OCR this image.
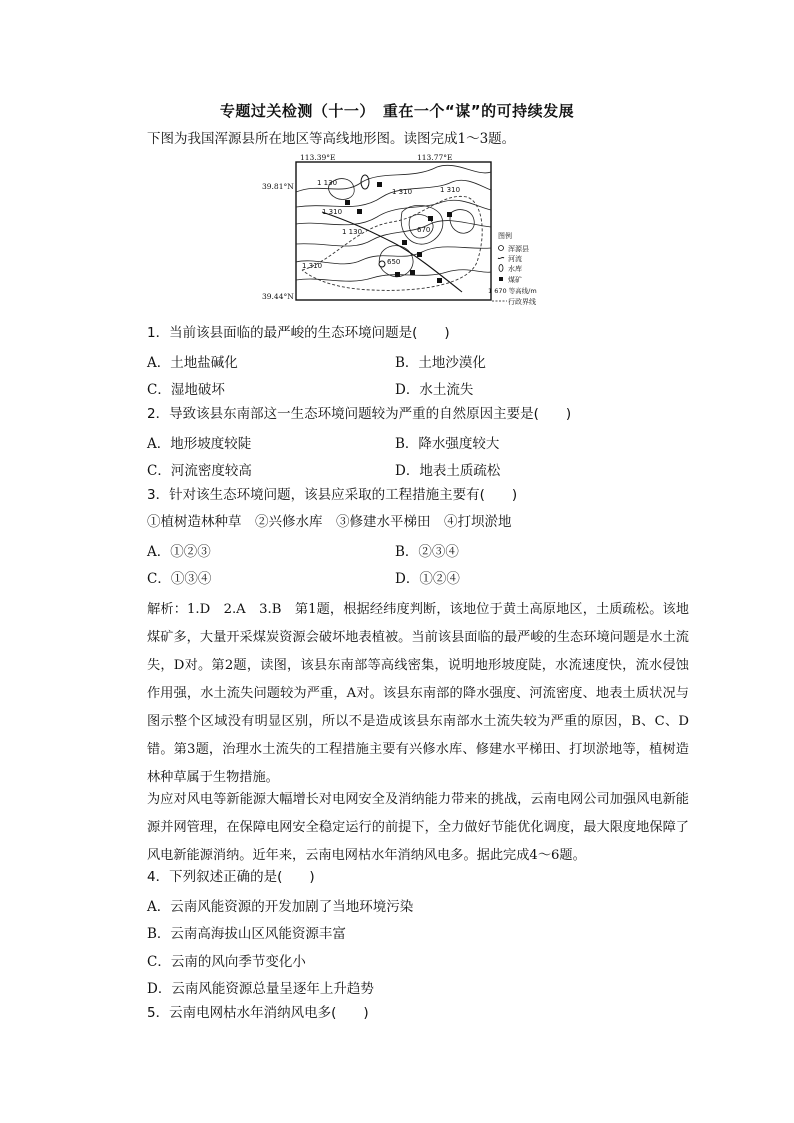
专题过关检测（十一）　重在一个“谋”的可持续发展
下图为我国浑源县所在地区等高线地形图。读图完成1～3题。
1 130
1 310
1 310
1 130
1 310
670
650
1 310
113.39°E	113.77°E
39.81°N
39.44°N
图例
浑源县
河流
水库
煤矿
1 670 等高线/m
行政界线
1．当前该县面临的最严峻的生态环境问题是(　　)
A．土地盐碱化	B．土地沙漠化
C．湿地破坏	D．水土流失
2．导致该县东南部这一生态环境问题较为严重的自然原因主要是(　　)
A．地形坡度较陡	B．降水强度较大
C．河流密度较高	D．地表土质疏松
3．针对该生态环境问题，该县应采取的工程措施主要有(　　)
①植树造林种草　②兴修水库　③修建水平梯田　④打坝淤地
A．①②③	B．②③④
C．①③④	D．①②④
解析：1.D　2.A　3.B　第1题，根据经纬度判断，该地位于黄土高原地区，土质疏松。该地煤矿多，大量开采煤炭资源会破坏地表植被。当前该县面临的最严峻的生态环境问题是水土流失，D对。第2题，读图，该县东南部等高线密集，说明地形坡度陡，水流速度快，流水侵蚀作用强，水土流失问题较为严重，A对。该县东南部的降水强度、河流密度、地表土质状况与图示整个区域没有明显区别，所以不是造成该县东南部水土流失较为严重的原因，B、C、D错。第3题，治理水土流失的工程措施主要有兴修水库、修建水平梯田、打坝淤地等，植树造林种草属于生物措施。
为应对风电等新能源大幅增长对电网安全及消纳能力带来的挑战，云南电网公司加强风电新能源并网管理，在保障电网安全稳定运行的前提下，全力做好节能优化调度，最大限度地保障了风电新能源消纳。近年来，云南电网枯水年消纳风电多。据此完成4～6题。
4．下列叙述正确的是(　　)
A．云南风能资源的开发加剧了当地环境污染
B．云南高海拔山区风能资源丰富
C．云南的风向季节变化小
D．云南风能资源总量呈逐年上升趋势
5．云南电网枯水年消纳风电多(　　)
